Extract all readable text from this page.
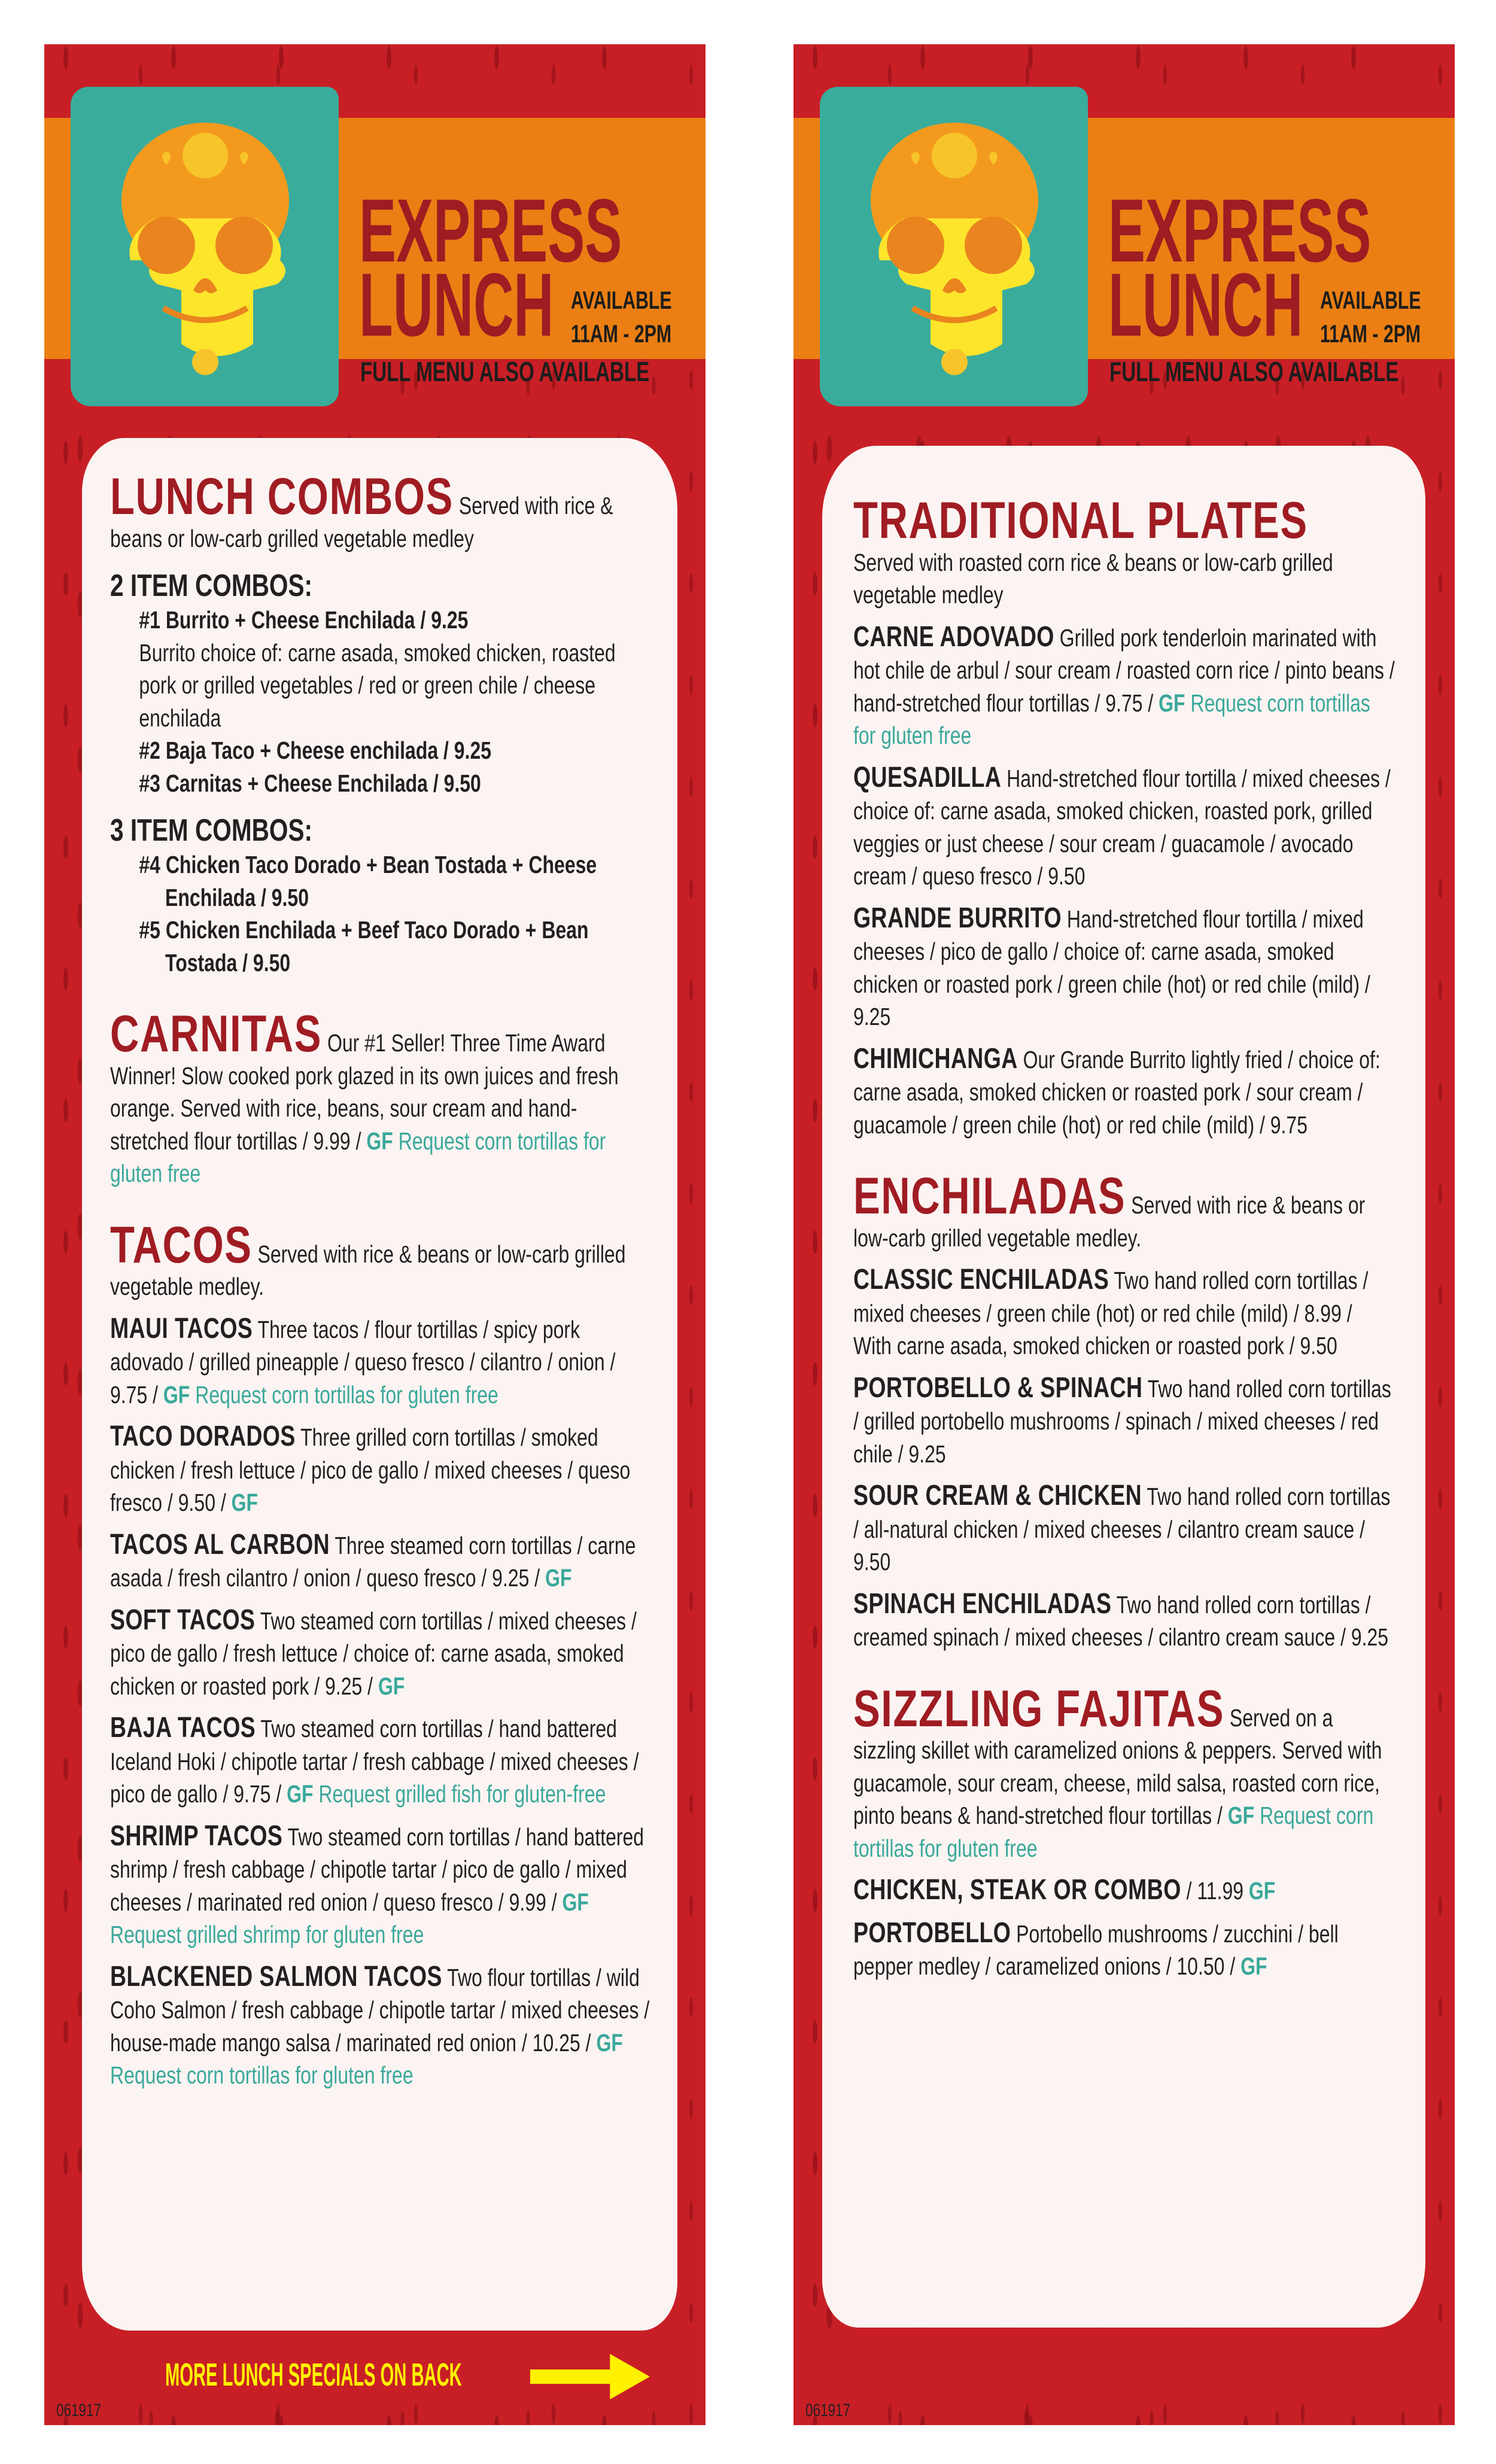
EXPRESS
LUNCH AVAILABLE
11AM - 2PM
FULL MENU ALSO AVAILABLE
LUNCH COMBOS Served with rice & beans or low-carb grilled vegetable medley
2 ITEM COMBOS:
#1 Burrito + Cheese Enchilada / 9.25
Burrito choice of: carne asada, smoked chicken, roasted pork or grilled vegetables / red or green chile / cheese enchilada
#2 Baja Taco + Cheese enchilada / 9.25
#3 Carnitas + Cheese Enchilada / 9.50
3 ITEM COMBOS:
#4 Chicken Taco Dorado + Bean Tostada + Cheese Enchilada / 9.50
#5 Chicken Enchilada + Beef Taco Dorado + Bean Tostada / 9.50
CARNITAS Our #1 Seller! Three Time Award Winner! Slow cooked pork glazed in its own juices and fresh orange. Served with rice, beans, sour cream and hand-stretched flour tortillas / 9.99 / GF Request corn tortillas for gluten free
TACOS Served with rice & beans or low-carb grilled vegetable medley.
MAUI TACOS Three tacos / flour tortillas / spicy pork adovado / grilled pineapple / queso fresco / cilantro / onion / 9.75 / GF Request corn tortillas for gluten free
TACO DORADOS Three grilled corn tortillas / smoked chicken / fresh lettuce / pico de gallo / mixed cheeses / queso fresco / 9.50 / GF
TACOS AL CARBON Three steamed corn tortillas / carne asada / fresh cilantro / onion / queso fresco / 9.25 / GF
SOFT TACOS Two steamed corn tortillas / mixed cheeses / pico de gallo / fresh lettuce / choice of: carne asada, smoked chicken or roasted pork / 9.25 / GF
BAJA TACOS Two steamed corn tortillas / hand battered Iceland Hoki / chipotle tartar / fresh cabbage / mixed cheeses / pico de gallo / 9.75 / GF Request grilled fish for gluten-free
SHRIMP TACOS Two steamed corn tortillas / hand battered shrimp / fresh cabbage / chipotle tartar / pico de gallo / mixed cheeses / marinated red onion / queso fresco / 9.99 / GF Request grilled shrimp for gluten free
BLACKENED SALMON TACOS Two flour tortillas / wild Coho Salmon / fresh cabbage / chipotle tartar / mixed cheeses / house-made mango salsa / marinated red onion / 10.25 / GF Request corn tortillas for gluten free
MORE LUNCH SPECIALS ON BACK
061917
EXPRESS
LUNCH AVAILABLE
11AM - 2PM
FULL MENU ALSO AVAILABLE
TRADITIONAL PLATES
Served with roasted corn rice & beans or low-carb grilled vegetable medley
CARNE ADOVADO Grilled pork tenderloin marinated with hot chile de arbul / sour cream / roasted corn rice / pinto beans / hand-stretched flour tortillas / 9.75 / GF Request corn tortillas for gluten free
QUESADILLA Hand-stretched flour tortilla / mixed cheeses / choice of: carne asada, smoked chicken, roasted pork, grilled veggies or just cheese / sour cream / guacamole / avocado cream / queso fresco / 9.50
GRANDE BURRITO Hand-stretched flour tortilla / mixed cheeses / pico de gallo / choice of: carne asada, smoked chicken or roasted pork / green chile (hot) or red chile (mild) / 9.25
CHIMICHANGA Our Grande Burrito lightly fried / choice of: carne asada, smoked chicken or roasted pork / sour cream / guacamole / green chile (hot) or red chile (mild) / 9.75
ENCHILADAS Served with rice & beans or low-carb grilled vegetable medley.
CLASSIC ENCHILADAS Two hand rolled corn tortillas / mixed cheeses / green chile (hot) or red chile (mild) / 8.99 / With carne asada, smoked chicken or roasted pork / 9.50
PORTOBELLO & SPINACH Two hand rolled corn tortillas / grilled portobello mushrooms / spinach / mixed cheeses / red chile / 9.25
SOUR CREAM & CHICKEN Two hand rolled corn tortillas / all-natural chicken / mixed cheeses / cilantro cream sauce / 9.50
SPINACH ENCHILADAS Two hand rolled corn tortillas / creamed spinach / mixed cheeses / cilantro cream sauce / 9.25
SIZZLING FAJITAS Served on a sizzling skillet with caramelized onions & peppers. Served with guacamole, sour cream, cheese, mild salsa, roasted corn rice, pinto beans & hand-stretched flour tortillas / GF Request corn tortillas for gluten free
CHICKEN, STEAK OR COMBO / 11.99 GF
PORTOBELLO Portobello mushrooms / zucchini / bell pepper medley / caramelized onions / 10.50 / GF
061917
